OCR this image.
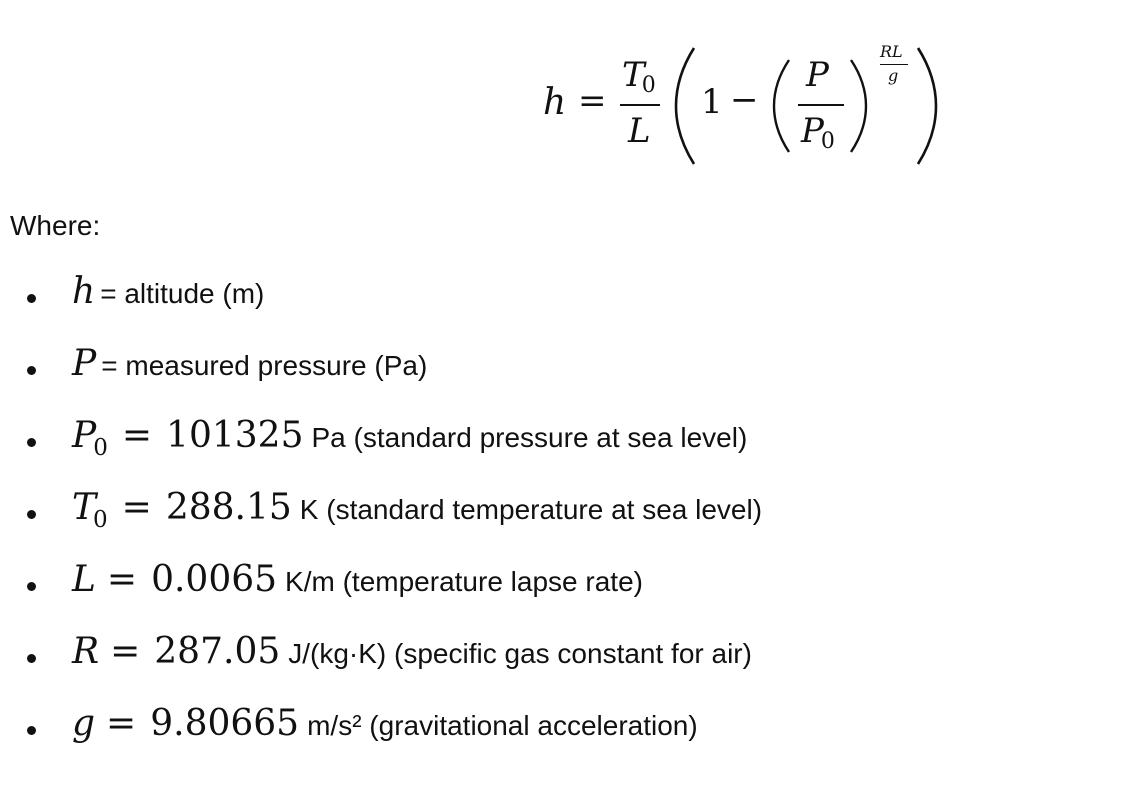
h =
$T_0$
L
1 −
P
$P_0$
RL
g
Where:
h = altitude (m)
P = measured pressure (Pa)
$P_0 = 101325$ Pa (standard pressure at sea level)
$T_0 = 288.15$ K (standard temperature at sea level)
L = 0.0065 K/m (temperature lapse rate)
R = 287.05 J/(kg·K) (specific gas constant for air)
g = 9.80665 m/s² (gravitational acceleration)
